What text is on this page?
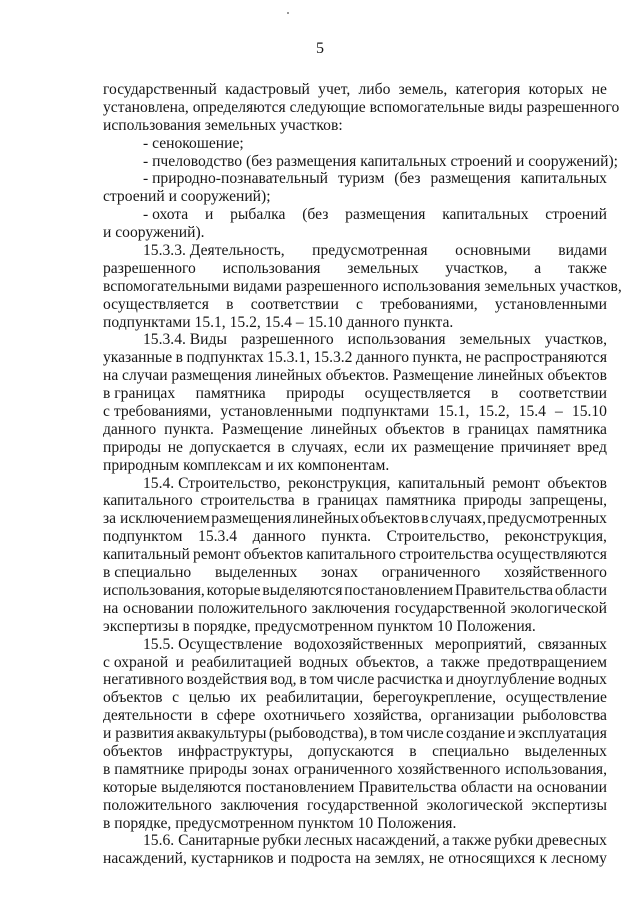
5
государственный кадастровый учет, либо земель, категория которых не
установлена, определяются следующие вспомогательные виды разрешенного
использования земельных участков:
- сенокошение;
- пчеловодство (без размещения капитальных строений и сооружений);
- природно-познавательный туризм (без размещения капитальных
строений и сооружений);
- охота и рыбалка (без размещения капитальных строений
и сооружений).
15.3.3. Деятельность, предусмотренная основными видами
разрешенного использования земельных участков, а также
вспомогательными видами разрешенного использования земельных участков,
осуществляется в соответствии с требованиями, установленными
подпунктами 15.1, 15.2, 15.4 – 15.10 данного пункта.
15.3.4. Виды разрешенного использования земельных участков,
указанные в подпунктах 15.3.1, 15.3.2 данного пункта, не распространяются
на случаи размещения линейных объектов. Размещение линейных объектов
в границах памятника природы осуществляется в соответствии
с требованиями, установленными подпунктами 15.1, 15.2, 15.4 – 15.10
данного пункта. Размещение линейных объектов в границах памятника
природы не допускается в случаях, если их размещение причиняет вред
природным комплексам и их компонентам.
15.4. Строительство, реконструкция, капитальный ремонт объектов
капитального строительства в границах памятника природы запрещены,
за исключением размещения линейных объектов в случаях, предусмотренных
подпунктом 15.3.4 данного пункта. Строительство, реконструкция,
капитальный ремонт объектов капитального строительства осуществляются
в специально выделенных зонах ограниченного хозяйственного
использования, которые выделяются постановлением Правительства области
на основании положительного заключения государственной экологической
экспертизы в порядке, предусмотренном пунктом 10 Положения.
15.5. Осуществление водохозяйственных мероприятий, связанных
с охраной и реабилитацией водных объектов, а также предотвращением
негативного воздействия вод, в том числе расчистка и дноуглубление водных
объектов с целью их реабилитации, берегоукрепление, осуществление
деятельности в сфере охотничьего хозяйства, организации рыболовства
и развития аквакультуры (рыбоводства), в том числе создание и эксплуатация
объектов инфраструктуры, допускаются в специально выделенных
в памятнике природы зонах ограниченного хозяйственного использования,
которые выделяются постановлением Правительства области на основании
положительного заключения государственной экологической экспертизы
в порядке, предусмотренном пунктом 10 Положения.
15.6. Санитарные рубки лесных насаждений, а также рубки древесных
насаждений, кустарников и подроста на землях, не относящихся к лесному
